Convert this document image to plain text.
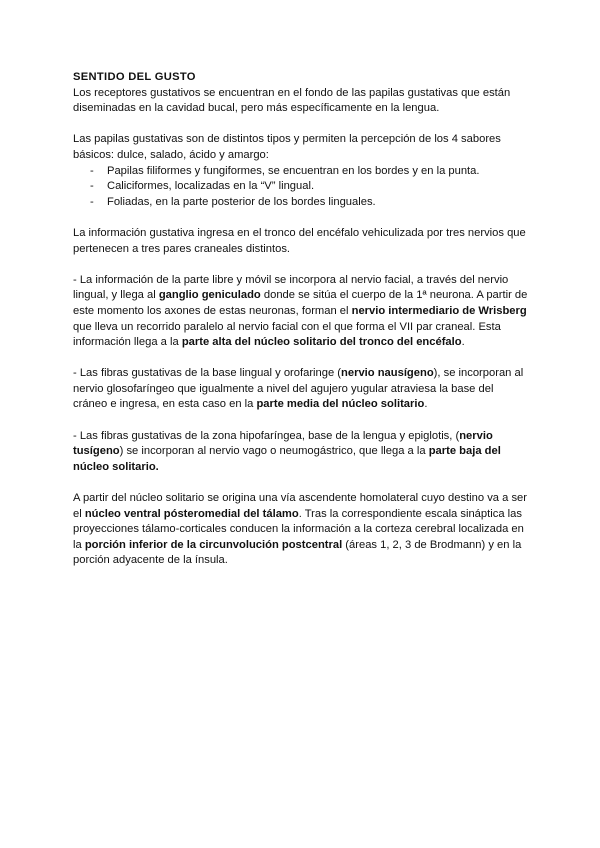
SENTIDO DEL GUSTO

Los receptores gustativos se encuentran en el fondo de las papilas gustativas que están diseminadas en la cavidad bucal, pero más específicamente en la lengua.

Las papilas gustativas son de distintos tipos y permiten la percepción de los 4 sabores básicos: dulce, salado, ácido y amargo:

- Papilas filiformes y fungiformes, se encuentran en los bordes y en la punta.
- Caliciformes, localizadas en la “V” lingual.
- Foliadas, en la parte posterior de los bordes linguales.

La información gustativa ingresa en el tronco del encéfalo vehiculizada por tres nervios que pertenecen a tres pares craneales distintos.

- La información de la parte libre y móvil se incorpora al nervio facial, a través del nervio lingual, y llega al ganglio geniculado donde se sitúa el cuerpo de la 1ª neurona. A partir de este momento los axones de estas neuronas, forman el nervio intermediario de Wrisberg que lleva un recorrido paralelo al nervio facial con el que forma el VII par craneal. Esta información llega a la parte alta del núcleo solitario del tronco del encéfalo.

- Las fibras gustativas de la base lingual y orofaringe (nervio nausígeno), se incorporan al nervio glosofaríngeo que igualmente a nivel del agujero yugular atraviesa la base del cráneo e ingresa, en esta caso en la parte media del núcleo solitario.

- Las fibras gustativas de la zona hipofaríngea, base de la lengua y epiglotis, (nervio tusígeno) se incorporan al nervio vago o neumogástrico, que llega a la parte baja del núcleo solitario.

A partir del núcleo solitario se origina una vía ascendente homolateral cuyo destino va a ser el núcleo ventral pósteromedial del tálamo. Tras la correspondiente escala sináptica las proyecciones tálamo-corticales conducen la información a la corteza cerebral localizada en la porción inferior de la circunvolución postcentral (áreas 1, 2, 3 de Brodmann) y en la porción adyacente de la ínsula.
